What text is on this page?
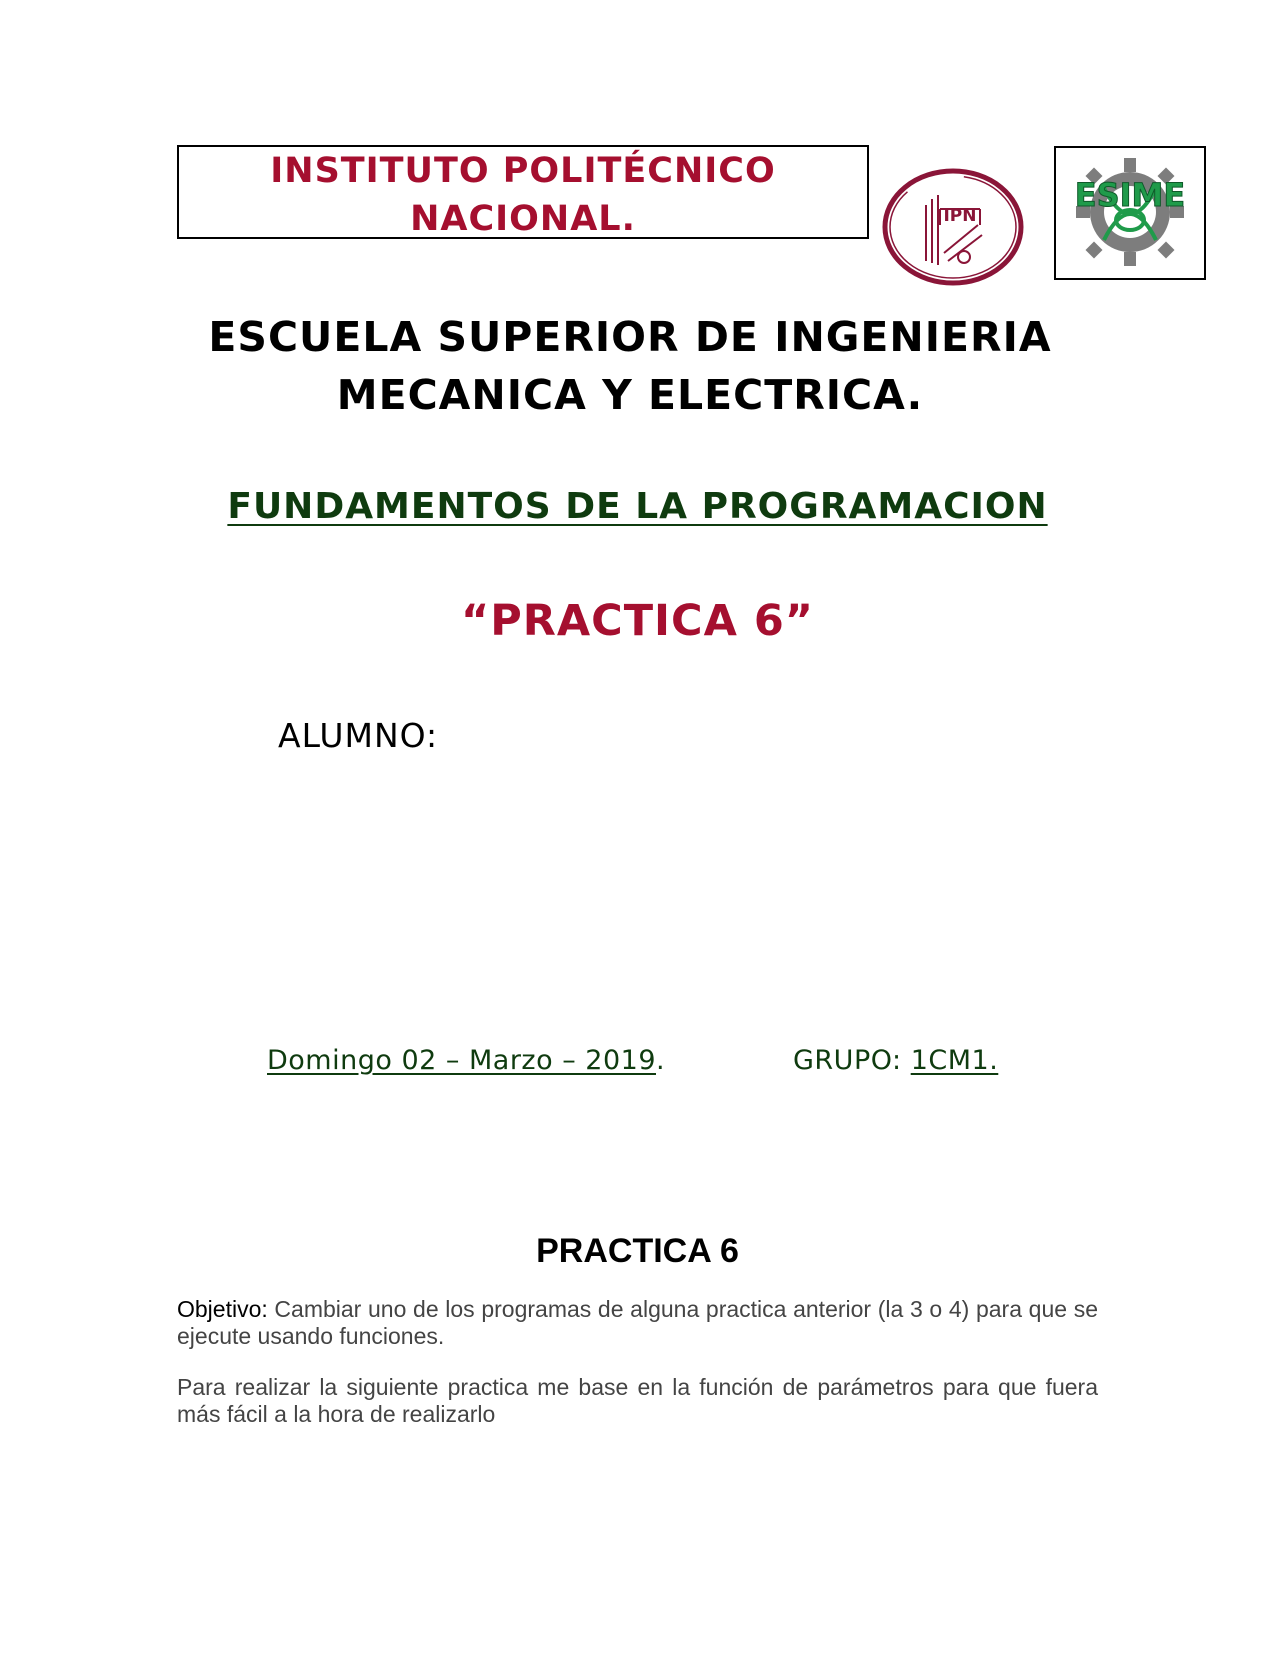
INSTITUTO POLITÉCNICO
NACIONAL.	IPN
ESIME
ESCUELA SUPERIOR DE INGENIERIA
MECANICA Y ELECTRICA.
FUNDAMENTOS DE LA PROGRAMACION
“PRACTICA 6”
ALUMNO:
Domingo 02 – Marzo – 2019.	GRUPO: 1CM1.
PRACTICA 6
Objetivo: Cambiar uno de los programas de alguna practica anterior (la 3 o 4) para que se ejecute usando funciones.
Para realizar la siguiente practica me base en la función de parámetros para que fuera más fácil a la hora de realizarlo
